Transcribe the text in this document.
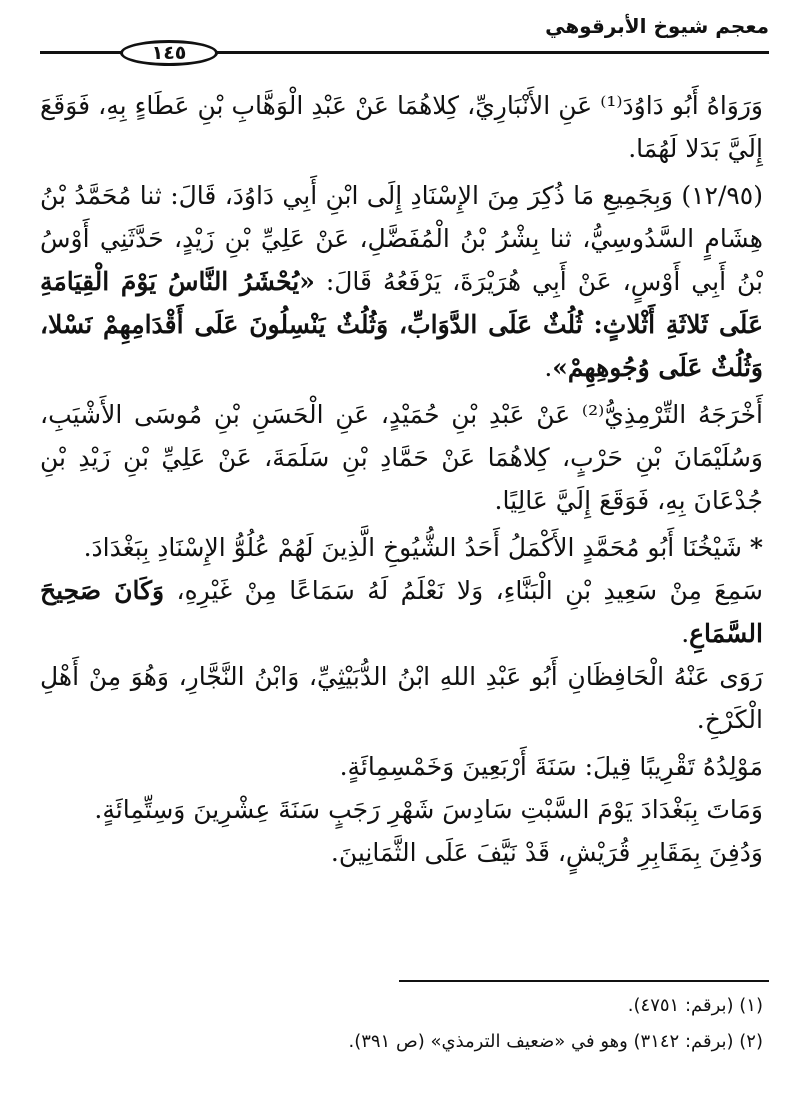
معجم شيوخ الأبرقوهي
١٤٥

وَرَوَاهُ أَبُو دَاوُدَ⁽¹⁾ عَنِ الأَنْبَارِيِّ، كِلاهُمَا عَنْ عَبْدِ الْوَهَّابِ بْنِ عَطَاءٍ بِهِ، فَوَقَعَ إِلَيَّ بَدَلا لَهُمَا.

(١٢/٩٥) وَبِجَمِيعِ مَا ذُكِرَ مِنَ الإِسْنَادِ إِلَى ابْنِ أَبِي دَاوُدَ، قَالَ: ثنا مُحَمَّدُ بْنُ هِشَامٍ السَّدُوسِيُّ، ثنا بِشْرُ بْنُ الْمُفَضَّلِ، عَنْ عَلِيِّ بْنِ زَيْدٍ، حَدَّثَنِي أَوْسُ بْنُ أَبِي أَوْسٍ، عَنْ أَبِي هُرَيْرَةَ، يَرْفَعُهُ قَالَ: «يُحْشَرُ النَّاسُ يَوْمَ الْقِيَامَةِ عَلَى ثَلاثَةِ أَثْلاثٍ: ثُلُثٌ عَلَى الدَّوَابِّ، وَثُلُثٌ يَنْسِلُونَ عَلَى أَقْدَامِهِمْ نَسْلا، وَثُلُثٌ عَلَى وُجُوهِهِمْ».

أَخْرَجَهُ التِّرْمِذِيُّ⁽²⁾ عَنْ عَبْدِ بْنِ حُمَيْدٍ، عَنِ الْحَسَنِ بْنِ مُوسَى الأَشْيَبِ، وَسُلَيْمَانَ بْنِ حَرْبٍ، كِلاهُمَا عَنْ حَمَّادِ بْنِ سَلَمَةَ، عَنْ عَلِيِّ بْنِ زَيْدِ بْنِ جُدْعَانَ بِهِ، فَوَقَعَ إِلَيَّ عَالِيًا.

* شَيْخُنَا أَبُو مُحَمَّدٍ الأَكْمَلُ أَحَدُ الشُّيُوخِ الَّذِينَ لَهُمْ عُلُوُّ الإِسْنَادِ بِبَغْدَادَ.

سَمِعَ مِنْ سَعِيدِ بْنِ الْبَنَّاءِ، وَلا نَعْلَمُ لَهُ سَمَاعًا مِنْ غَيْرِهِ، وَكَانَ صَحِيحَ السَّمَاعِ.

رَوَى عَنْهُ الْحَافِظَانِ أَبُو عَبْدِ اللهِ ابْنُ الدُّبَيْثِيِّ، وَابْنُ النَّجَّارِ، وَهُوَ مِنْ أَهْلِ الْكَرْخِ.

مَوْلِدُهُ تَقْرِيبًا قِيلَ: سَنَةَ أَرْبَعِينَ وَخَمْسِمِائَةٍ.

وَمَاتَ بِبَغْدَادَ يَوْمَ السَّبْتِ سَادِسَ شَهْرِ رَجَبٍ سَنَةَ عِشْرِينَ وَسِتِّمِائَةٍ.

وَدُفِنَ بِمَقَابِرِ قُرَيْشٍ، قَدْ نَيَّفَ عَلَى الثَّمَانِينَ.

(١) (برقم: ٤٧٥١).

(٢) (برقم: ٣١٤٢) وهو في «ضعيف الترمذي» (ص ٣٩١).
